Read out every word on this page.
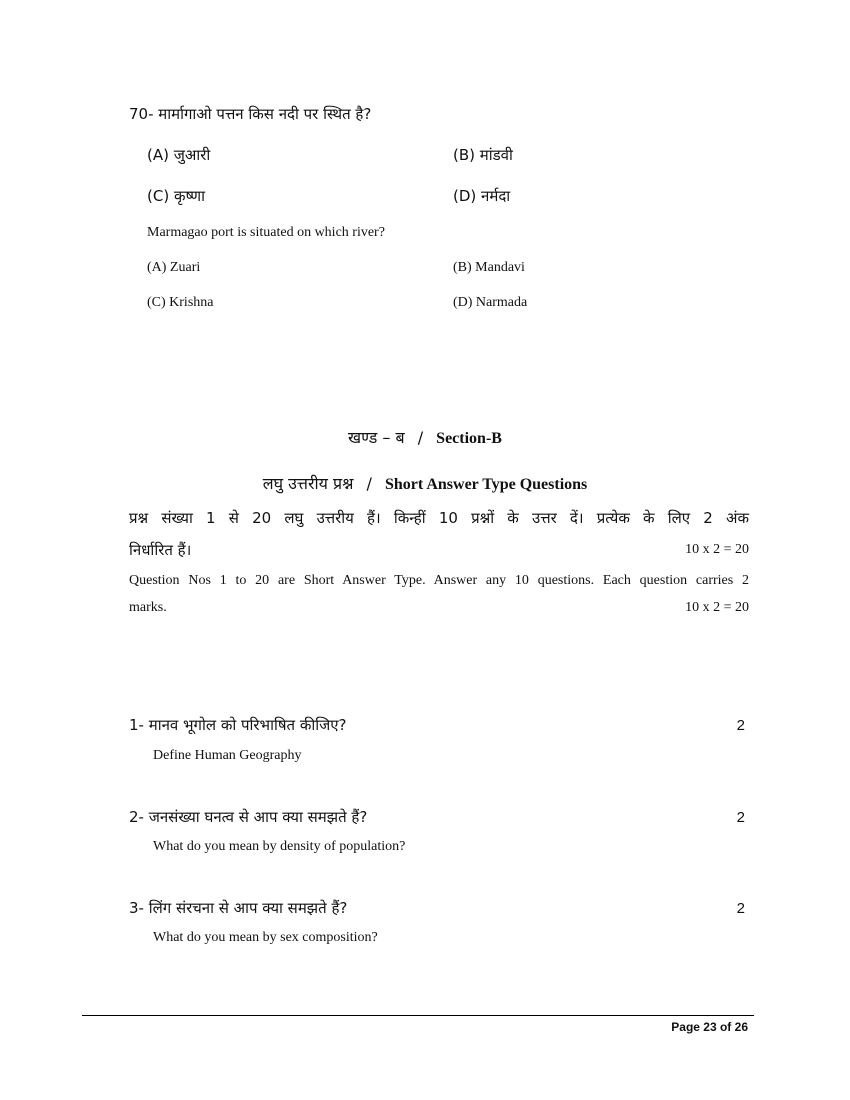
70- मार्मागाओ पत्तन किस नदी पर स्थित है?
(A) जुआरी	(B) मांडवी
(C) कृष्णा	(D) नर्मदा
Marmagao port is situated on which river?
(A) Zuari	(B) Mandavi
(C) Krishna	(D) Narmada
खण्ड – ब / Section-B
लघु उत्तरीय प्रश्न / Short Answer Type Questions
प्रश्न संख्या 1 से 20 लघु उत्तरीय हैं। किन्हीं 10 प्रश्नों के उत्तर दें। प्रत्येक के लिए 2 अंक
निर्धारित हैं।	10 x 2 = 20
Question Nos 1 to 20 are Short Answer Type. Answer any 10 questions. Each question carries 2
marks.	10 x 2 = 20
1- मानव भूगोल को परिभाषित कीजिए?	2
Define Human Geography
2- जनसंख्या घनत्व से आप क्या समझते हैं?	2
What do you mean by density of population?
3- लिंग संरचना से आप क्या समझते हैं?	2
What do you mean by sex composition?
Page 23 of 26
